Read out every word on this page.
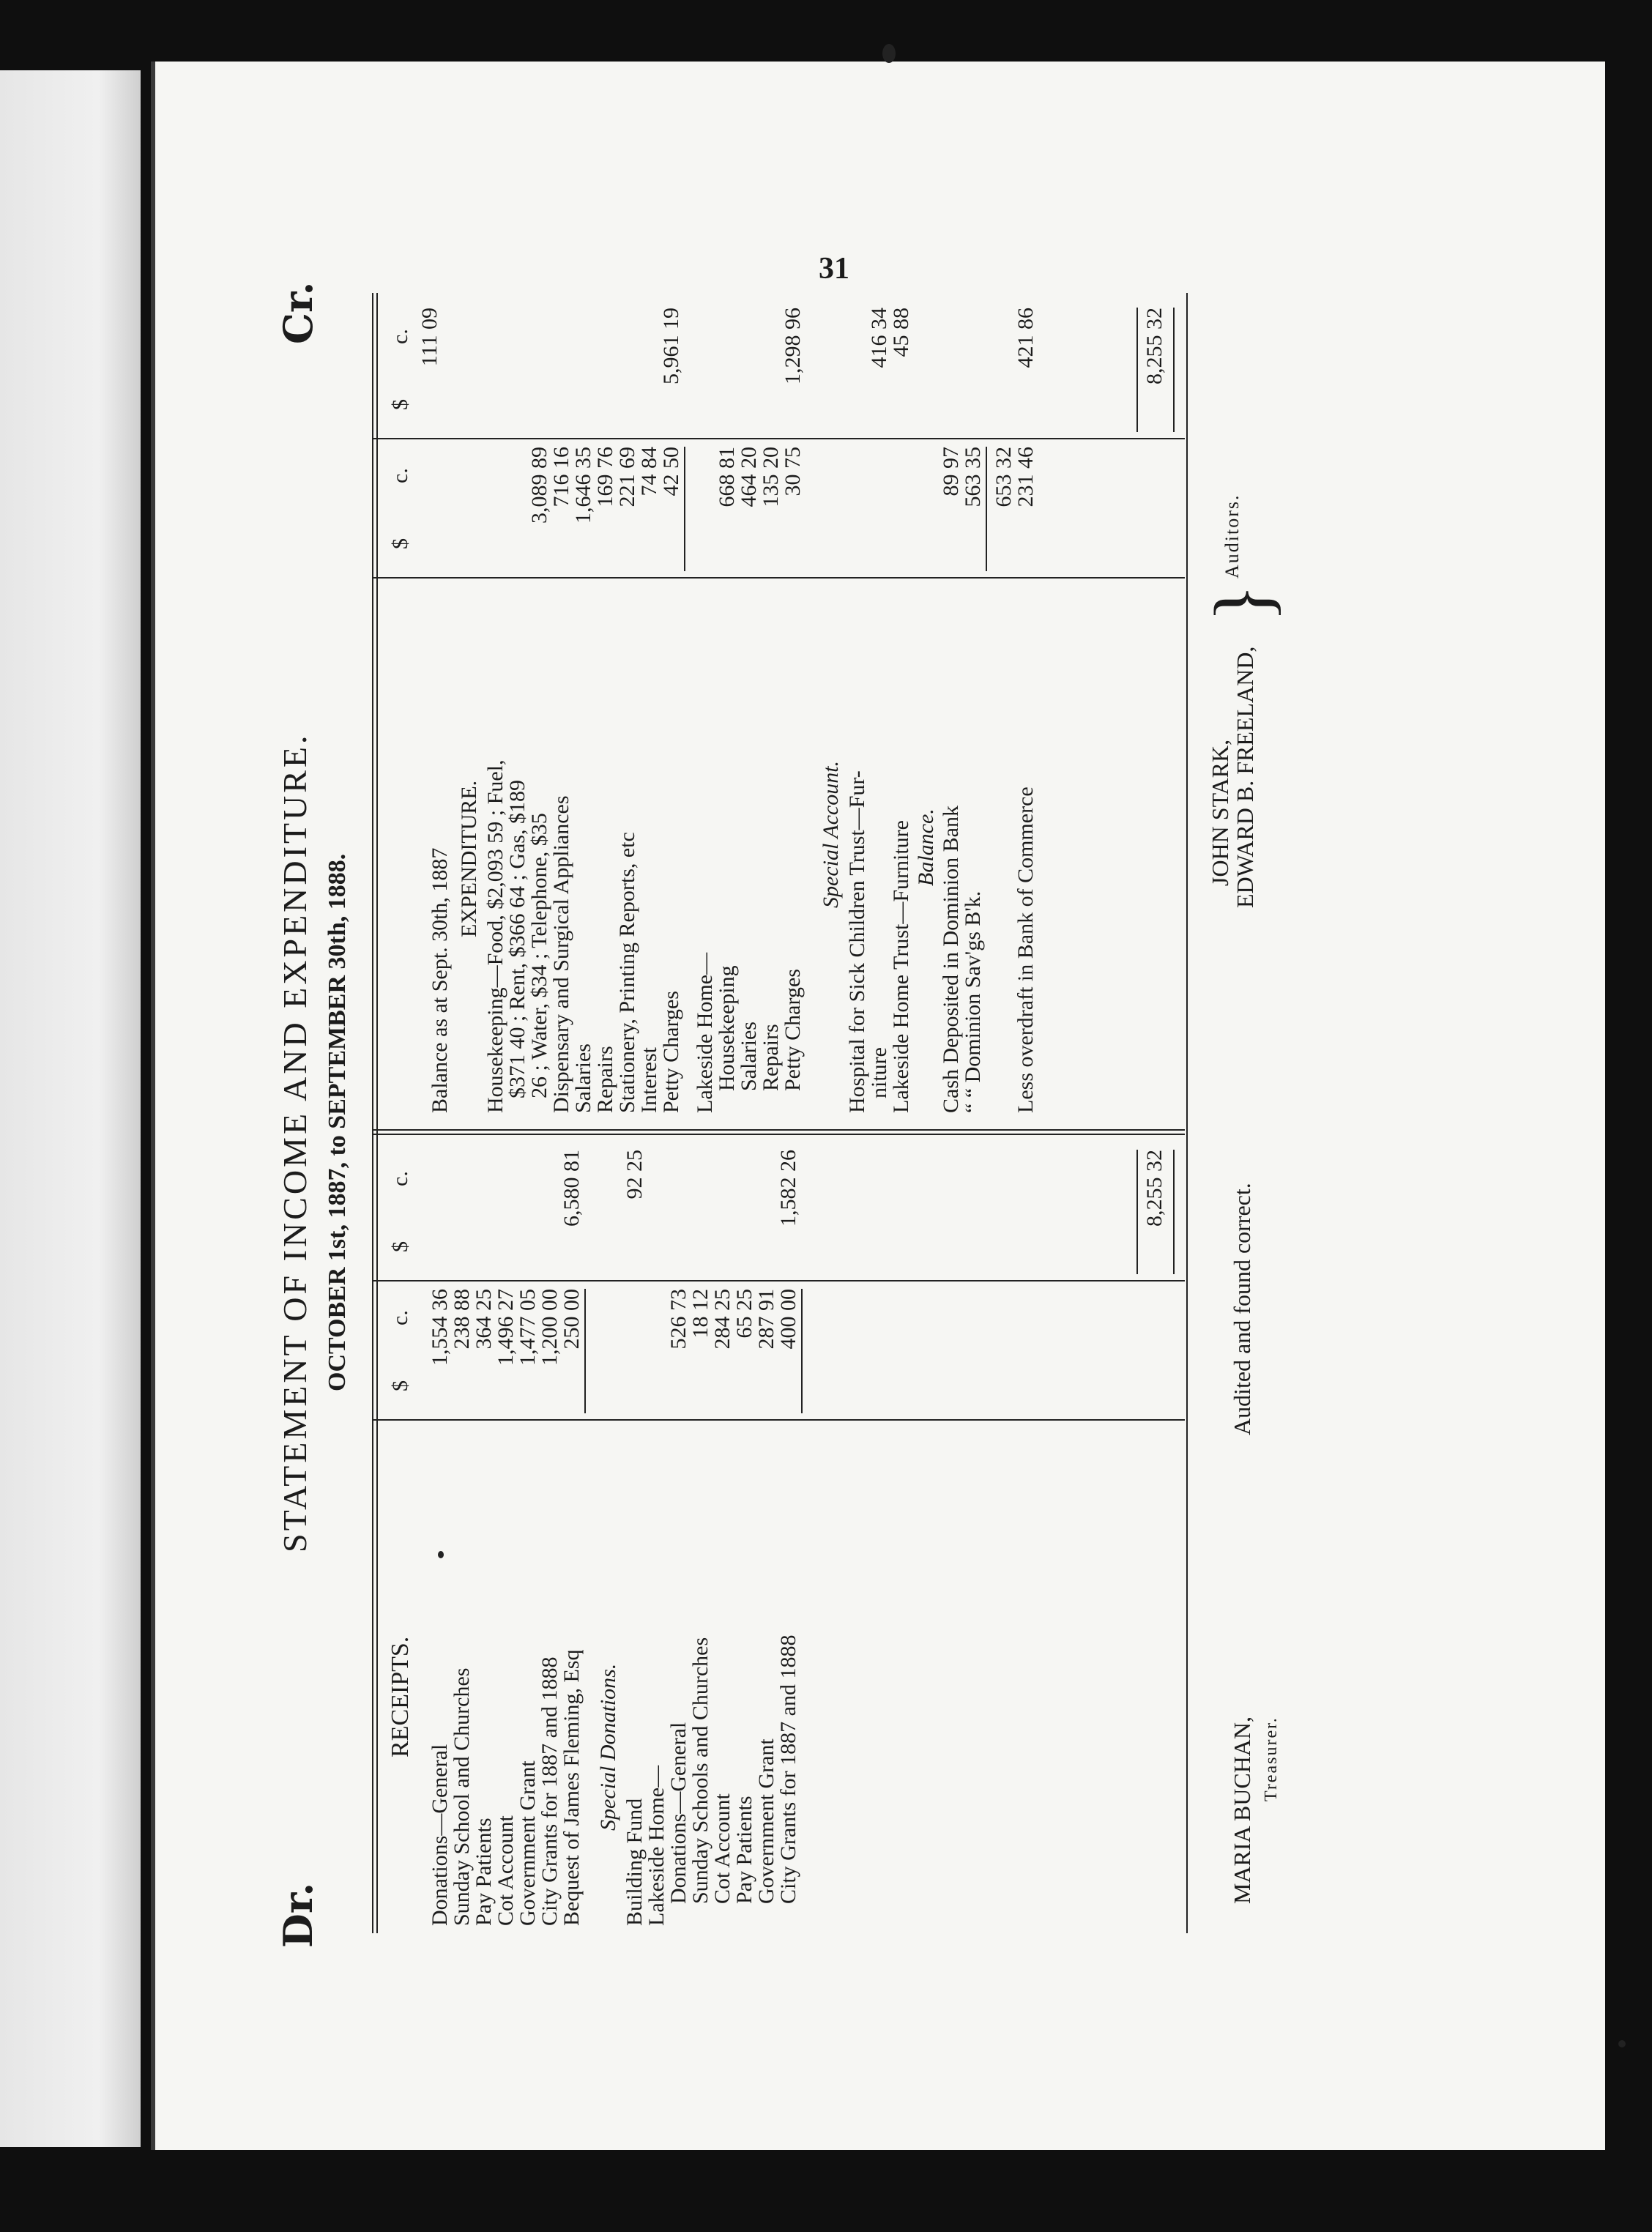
31
Dr.
Cr.
STATEMENT OF INCOME AND EXPENDITURE. OCTOBER 1st, 1887, to SEPTEMBER 30th, 1888.
RECEIPTS.
$
c.
$
c.
Donations—General
1,554 36
Sunday School and Churches
238 88
Pay Patients
364 25
Cot Account
1,496 27
Government Grant
1,477 05
City Grants for 1887 and 1888
1,200 00
Bequest of James Fleming, Esq
250 00
6,580 81
Special Donations.
Building Fund
92 25
Lakeside Home—
Donations—General
526 73
Sunday Schools and Churches
18 12
Cot Account
284 25
Pay Patients
65 25
Government Grant
287 91
City Grants for 1887 and 1888
400 00
1,582 26	8,255 32
$
c.
$
c.
Balance as at Sept. 30th, 1887
111 09
EXPENDITURE. Housekeeping—Food, $2,093 59 ; Fuel,
$371 40 ; Rent, $366 64 ; Gas, $189
26 ; Water, $34 ; Telephone, $35
3,089 89
Dispensary and Surgical Appliances
716 16
Salaries
1,646 35
Repairs
169 76
Stationery, Printing Reports, etc
221 69
Interest
74 84
Petty Charges
42 50
5,961 19
Lakeside Home—
Housekeeping
668 81
Salaries
464 20
Repairs
135 20
Petty Charges
30 75
1,298 96
Special Account. Hospital for Sick Children Trust—Fur-
niture
416 34
Lakeside Home Trust—Furniture
45 88
Balance. Cash Deposited in Dominion Bank
89 97
“ “ Dominion Sav'gs B'k.
563 35 653 32
Less overdraft in Bank of Commerce
231 46
421 86	8,255 32
MARIA BUCHAN, Treasurer.
Audited and found correct.
JOHN STARK,
EDWARD B. FREELAND,
}
Auditors.
